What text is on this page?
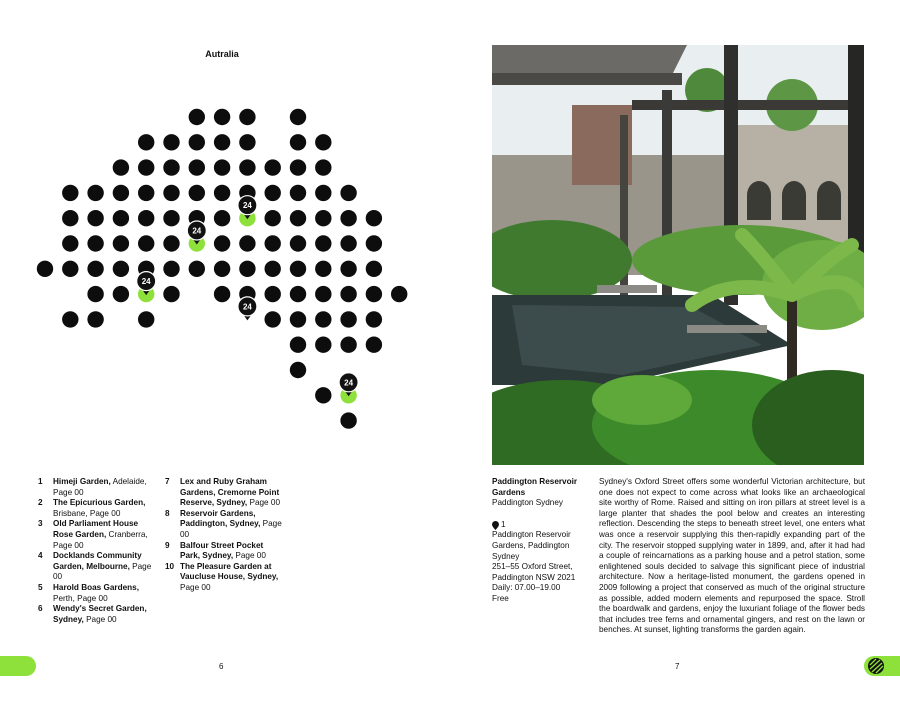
Autralia
24
24
24
24
24
1 Himeji Garden, Adelaide, Page 00
2 The Epicurious Garden, Brisbane, Page 00
3 Old Parliament House Rose Garden, Cranberra, Page 00
4 Docklands Community Garden, Melbourne, Page 00
5 Harold Boas Gardens, Perth, Page 00
6 Wendy's Secret Garden, Sydney, Page 00
7 Lex and Ruby Graham Gardens, Cremorne Point Reserve, Sydney, Page 00
8 Reservoir Gardens, Paddington, Sydney, Page 00
9 Balfour Street Pocket Park, Sydney, Page 00
10 The Pleasure Garden at Vaucluse House, Sydney, Page 00
6
Paddington Reservoir Gardens
Paddington Sydney
1
Paddington Reservoir Gardens, Paddington Sydney
251–55 Oxford Street, Paddington NSW 2021
Daily: 07.00–19.00
Free
Sydney's Oxford Street offers some wonderful Victorian architecture, but one does not expect to come across what looks like an archaeological site worthy of Rome. Raised and sitting on iron pillars at street level is a large planter that shades the pool below and creates an interesting reflection. Descending the steps to beneath street level, one enters what was once a reservoir supplying this then-rapidly expanding part of the city. The reservoir stopped supplying water in 1899, and, after it had had a couple of reincarnations as a parking house and a petrol station, some enlightened souls decided to salvage this significant piece of industrial architecture. Now a heritage-listed monument, the gardens opened in 2009 following a project that conserved as much of the original structure as possible, added modern elements and repurposed the space. Stroll the boardwalk and gardens, enjoy the luxuriant foliage of the flower beds that includes tree ferns and ornamental gingers, and rest on the lawn or benches. At sunset, lighting transforms the garden again.
7
